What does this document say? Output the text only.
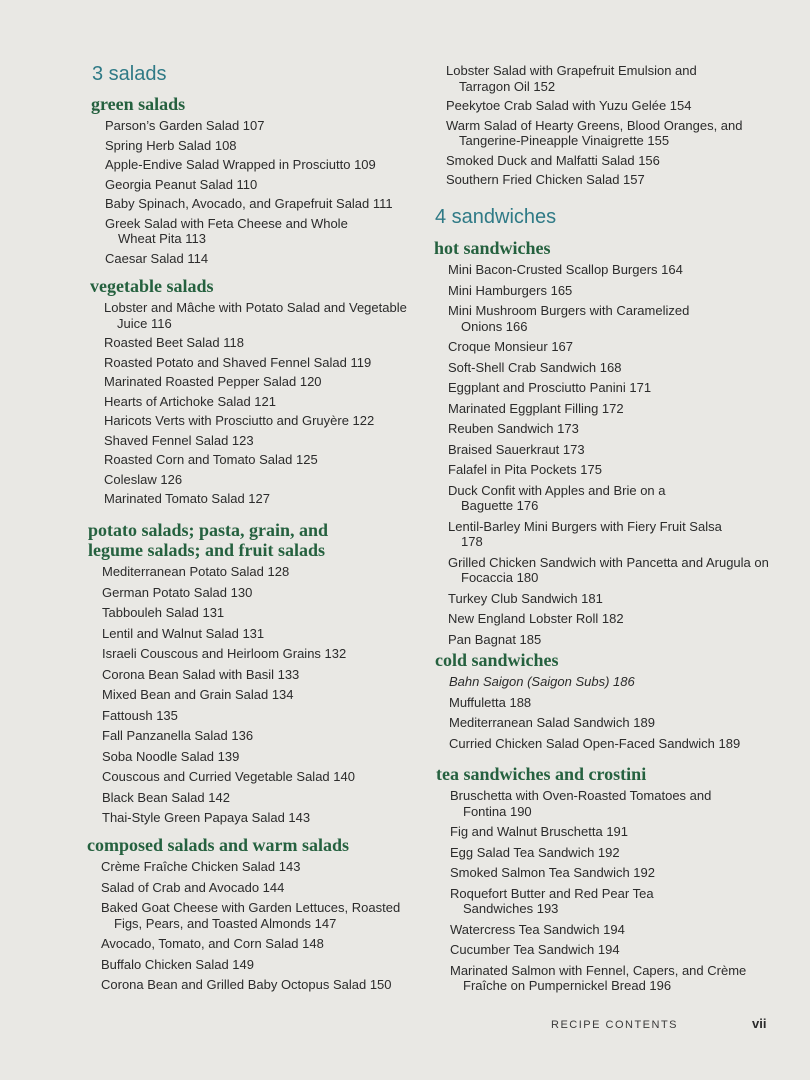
3 salads
green salads
Parson’s Garden Salad 107
Spring Herb Salad 108
Apple-Endive Salad Wrapped in Prosciutto 109
Georgia Peanut Salad 110
Baby Spinach, Avocado, and Grapefruit Salad 111
Greek Salad with Feta Cheese and Whole Wheat Pita 113
Caesar Salad 114
vegetable salads
Lobster and Mâche with Potato Salad and Vegetable Juice 116
Roasted Beet Salad 118
Roasted Potato and Shaved Fennel Salad 119
Marinated Roasted Pepper Salad 120
Hearts of Artichoke Salad 121
Haricots Verts with Prosciutto and Gruyère 122
Shaved Fennel Salad 123
Roasted Corn and Tomato Salad 125
Coleslaw 126
Marinated Tomato Salad 127
potato salads; pasta, grain, and legume salads; and fruit salads
Mediterranean Potato Salad 128
German Potato Salad 130
Tabbouleh Salad 131
Lentil and Walnut Salad 131
Israeli Couscous and Heirloom Grains 132
Corona Bean Salad with Basil 133
Mixed Bean and Grain Salad 134
Fattoush 135
Fall Panzanella Salad 136
Soba Noodle Salad 139
Couscous and Curried Vegetable Salad 140
Black Bean Salad 142
Thai-Style Green Papaya Salad 143
composed salads and warm salads
Crème Fraîche Chicken Salad 143
Salad of Crab and Avocado 144
Baked Goat Cheese with Garden Lettuces, Roasted Figs, Pears, and Toasted Almonds 147
Avocado, Tomato, and Corn Salad 148
Buffalo Chicken Salad 149
Corona Bean and Grilled Baby Octopus Salad 150
Lobster Salad with Grapefruit Emulsion and Tarragon Oil 152
Peekytoe Crab Salad with Yuzu Gelée 154
Warm Salad of Hearty Greens, Blood Oranges, and Tangerine-Pineapple Vinaigrette 155
Smoked Duck and Malfatti Salad 156
Southern Fried Chicken Salad 157
4 sandwiches
hot sandwiches
Mini Bacon-Crusted Scallop Burgers 164
Mini Hamburgers 165
Mini Mushroom Burgers with Caramelized Onions 166
Croque Monsieur 167
Soft-Shell Crab Sandwich 168
Eggplant and Prosciutto Panini 171
Marinated Eggplant Filling 172
Reuben Sandwich 173
Braised Sauerkraut 173
Falafel in Pita Pockets 175
Duck Confit with Apples and Brie on a Baguette 176
Lentil-Barley Mini Burgers with Fiery Fruit Salsa 178
Grilled Chicken Sandwich with Pancetta and Arugula on Focaccia 180
Turkey Club Sandwich 181
New England Lobster Roll 182
Pan Bagnat 185
cold sandwiches
Bahn Saigon (Saigon Subs) 186
Muffuletta 188
Mediterranean Salad Sandwich 189
Curried Chicken Salad Open-Faced Sandwich 189
tea sandwiches and crostini
Bruschetta with Oven-Roasted Tomatoes and Fontina 190
Fig and Walnut Bruschetta 191
Egg Salad Tea Sandwich 192
Smoked Salmon Tea Sandwich 192
Roquefort Butter and Red Pear Tea Sandwiches 193
Watercress Tea Sandwich 194
Cucumber Tea Sandwich 194
Marinated Salmon with Fennel, Capers, and Crème Fraîche on Pumpernickel Bread 196
RECIPE CONTENTS	vii
